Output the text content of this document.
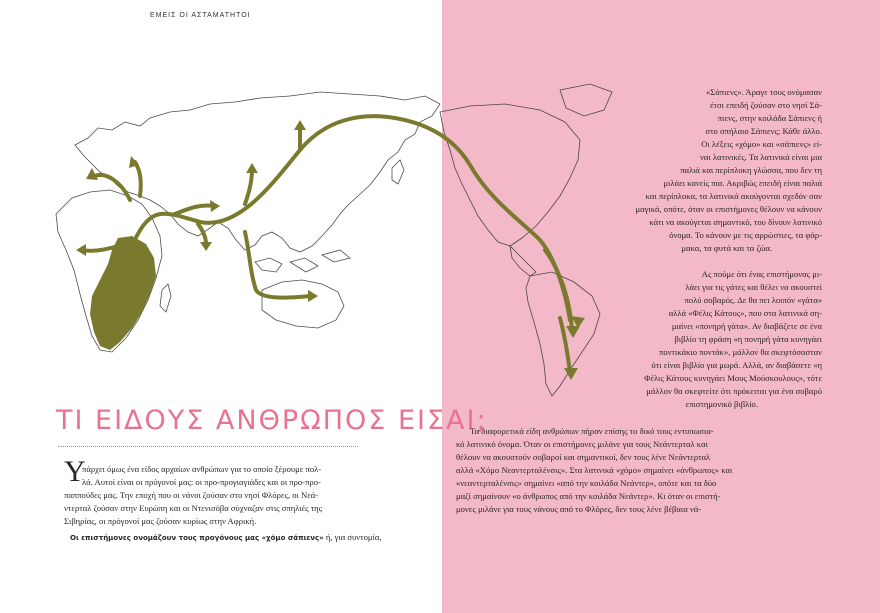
ΕΜΕΙΣ ΟΙ ΑΣΤΑΜΑΤΗΤΟΙ
ΤΙ ΕΙΔΟΥΣ ΑΝΘΡΩΠΟΣ ΕΙΣΑΙ;
«Σάπιενς». Άραγε τους ονόμασαν
έτσι επειδή ζούσαν στο νησί Σά-
πιενς, στην κοιλάδα Σάπιενς ή
στο σπήλαιο Σάπιενς; Κάθε άλλο.
Οι λέξεις «χόμο» και «σάπιενς» εί-
ναι λατινικές. Τα λατινικά είναι μια
παλιά και περίπλοκη γλώσσα, που δεν τη
μιλάει κανείς πια. Ακριβώς επειδή είναι παλιά
και περίπλοκα, τα λατινικά ακούγονται σχεδόν σαν
μαγικά, οπότε, όταν οι επιστήμονες θέλουν να κάνουν
κάτι να ακούγεται σημαντικό, του δίνουν λατινικό
όνομα. Το κάνουν με τις αρρώστιες, τα φάρ-
μακα, τα φυτά και τα ζώα.
Ας πούμε ότι ένας επιστήμονας μι-
λάει για τις γάτες και θέλει να ακουστεί
πολύ σοβαρός. Δε θα πει λοιπόν «γάτα»
αλλά «Φέλις Κάτους», που στα λατινικά ση-
μαίνει «πονηρή γάτα». Αν διαβάζετε σε ένα
βιβλίο τη φράση «η πονηρή γάτα κυνηγάει
ποντικάκιο ποντάκ», μάλλον θα σκεφτόσασταν
ότι είναι βιβλίο για μωρά. Αλλά, αν διαβάσετε «η
Φέλις Κάτους κυνηγάει Μους Μούσκουλους», τότε
μάλλον θα σκεφτείτε ότι πρόκειται για ένα σοβαρό
επιστημονικό βιβλίο.
Τα διαφορετικά είδη ανθρώπων πήραν επίσης το δικό τους εντυπωσια-
κό λατινικό όνομα. Όταν οι επιστήμονες μιλάνε για τους Νεάντερταλ και
θέλουν να ακουστούν σοβαροί και σημαντικοί, δεν τους λένε Νεάντερταλ
αλλά «Χόμο Νεαντερταλένσις». Στα λατινικά «χόμο» σημαίνει «άνθρωπος» και
«νεαντερταλένσις» σημαίνει «από την κοιλάδα Νεάντερ», οπότε και τα δύο
μαζί σημαίνουν «ο άνθρωπος από την κοιλάδα Νεάντερ». Κι όταν οι επιστή-
μονες μιλάνε για τους νάνους από το Φλόρες, δεν τους λένε βέβαια νά-
Υ
πάρχει όμως ένα είδος αρχαίων ανθρώπων για το οποίο ξέρουμε πολ-
λά. Αυτοί είναι οι πρόγονοί μας: οι προ-προγιαγιάδες και οι προ-προ-
παππούδες μας. Την εποχή που οι νάνοι ζούσαν στο νησί Φλόρες, οι Νεά-
ντερταλ ζούσαν στην Ευρώπη και οι Ντενισόβα σύχναζαν στις σπηλιές της
Σιβηρίας, οι πρόγονοί μας ζούσαν κυρίως στην Αφρική.
Οι επιστήμονες ονομάζουν τους προγόνους μας «χόμο σάπιενς» ή, για συντομία,
